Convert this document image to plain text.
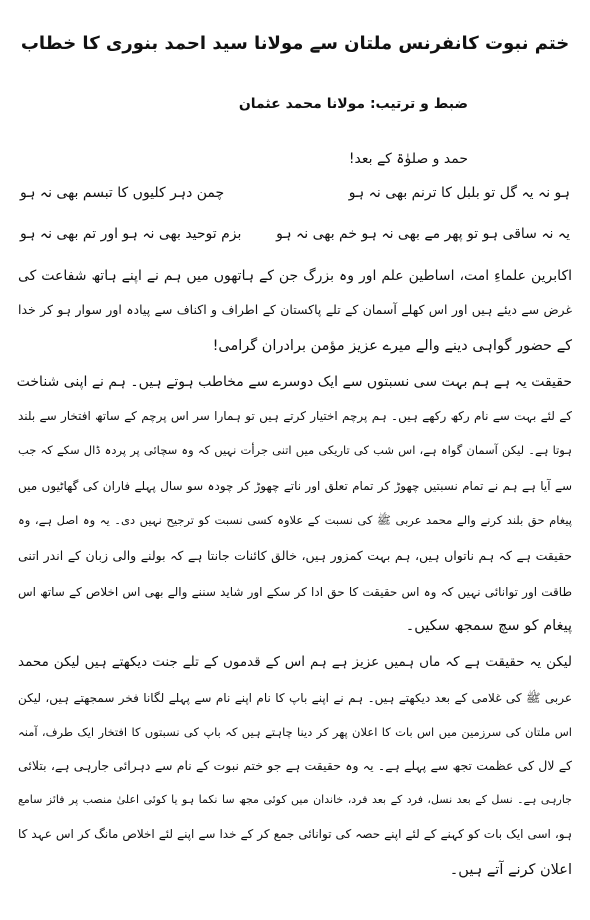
ختم نبوت کانفرنس ملتان سے مولانا سید احمد بنوری کا خطاب
ضبط و ترتیب: مولانا محمد عثمان
حمد و صلوٰۃ کے بعد!
ہو نہ یہ گل تو بلبل کا ترنم بھی نہ ہو
چمن دہر کلیوں کا تبسم بھی نہ ہو
یہ نہ ساقی ہو تو پھر مے بھی نہ ہو خم بھی نہ ہو
بزم توحید بھی نہ ہو اور تم بھی نہ ہو
اکابرین علماءِ امت، اساطین علم اور وہ بزرگ جن کے ہاتھوں میں ہم نے اپنے ہاتھ شفاعت کی
غرض سے دیئے ہیں اور اس کھلے آسمان کے تلے پاکستان کے اطراف و اکناف سے پیادہ اور سوار ہو کر خدا
کے حضور گواہی دینے والے میرے عزیز مؤمن برادران گرامی!
حقیقت یہ ہے ہم بہت سی نسبتوں سے ایک دوسرے سے مخاطب ہوتے ہیں۔ ہم نے اپنی شناخت
کے لئے بہت سے نام رکھ رکھے ہیں۔ ہم پرچم اختیار کرتے ہیں تو ہمارا سر اس پرچم کے ساتھ افتخار سے بلند
ہوتا ہے۔ لیکن آسمان گواہ ہے، اس شب کی تاریکی میں اتنی جرأت نہیں کہ وہ سچائی پر پردہ ڈال سکے کہ جب
سے آیا ہے ہم نے تمام نسبتیں چھوڑ کر تمام تعلق اور ناتے چھوڑ کر چودہ سو سال پہلے فاران کی گھاٹیوں میں
پیغام حق بلند کرنے والے محمد عربی ﷺ کی نسبت کے علاوہ کسی نسبت کو ترجیح نہیں دی۔ یہ وہ اصل ہے، وہ
حقیقت ہے کہ ہم ناتواں ہیں، ہم بہت کمزور ہیں، خالق کائنات جانتا ہے کہ بولنے والی زبان کے اندر اتنی
طاقت اور توانائی نہیں کہ وہ اس حقیقت کا حق ادا کر سکے اور شاید سننے والے بھی اس اخلاص کے ساتھ اس
پیغام کو سچ سمجھ سکیں۔
لیکن یہ حقیقت ہے کہ ماں ہمیں عزیز ہے ہم اس کے قدموں کے تلے جنت دیکھتے ہیں لیکن محمد
عربی ﷺ کی غلامی کے بعد دیکھتے ہیں۔ ہم نے اپنے باپ کا نام اپنے نام سے پہلے لگانا فخر سمجھتے ہیں، لیکن
اس ملتان کی سرزمین میں اس بات کا اعلان پھر کر دینا چاہتے ہیں کہ باپ کی نسبتوں کا افتخار ایک طرف، آمنہ
کے لال کی عظمت تجھ سے پہلے ہے۔ یہ وہ حقیقت ہے جو ختم نبوت کے نام سے دہرائی جارہی ہے، بتلائی
جارہی ہے۔ نسل کے بعد نسل، فرد کے بعد فرد، خاندان میں کوئی مجھ سا نکما ہو یا کوئی اعلیٰ منصب پر فائز سامع
ہو، اسی ایک بات کو کہنے کے لئے اپنے حصہ کی توانائی جمع کر کے خدا سے اپنے لئے اخلاص مانگ کر اس عہد کا
اعلان کرنے آتے ہیں۔
